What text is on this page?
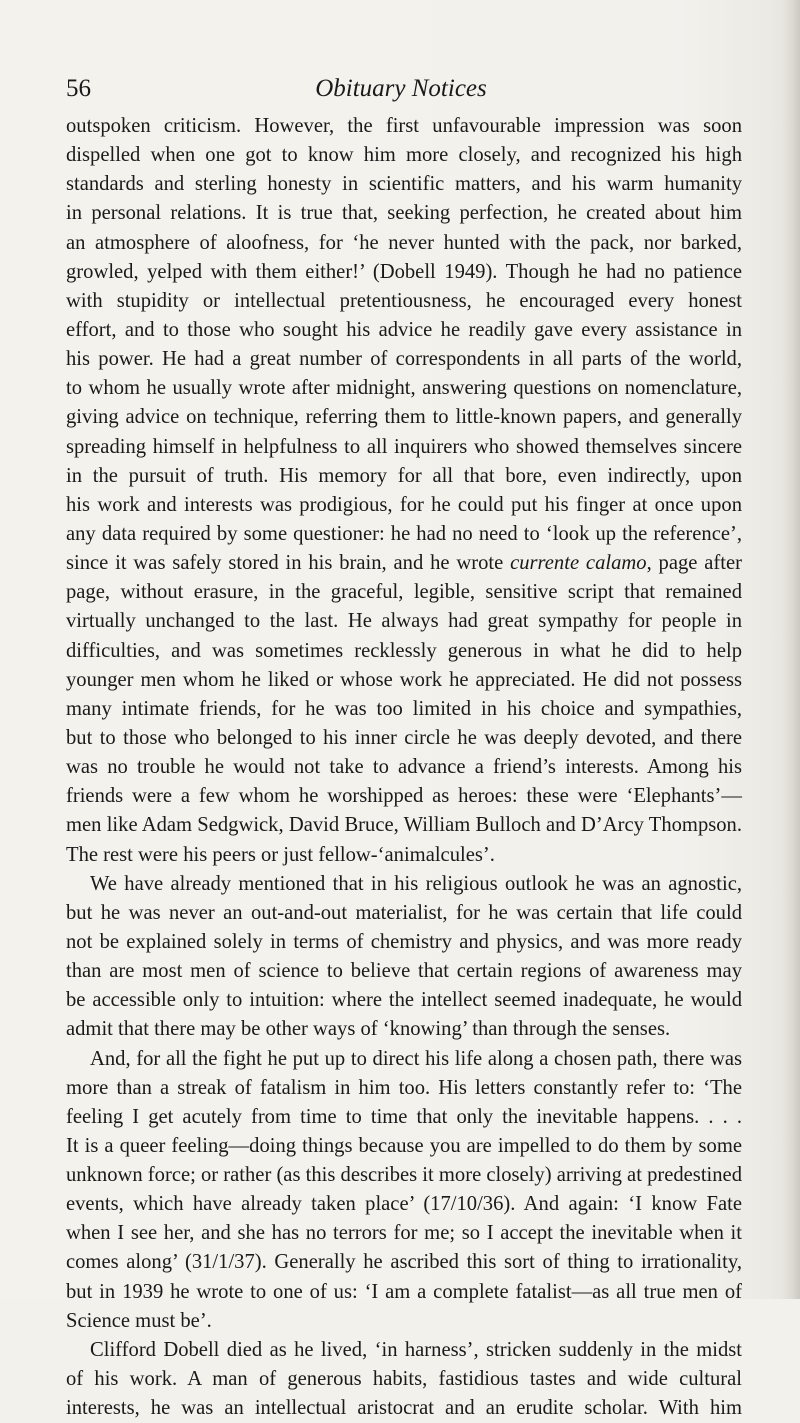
56	Obituary Notices
outspoken criticism. However, the first unfavourable impression was soon
dispelled when one got to know him more closely, and recognized his high
standards and sterling honesty in scientific matters, and his warm humanity
in personal relations. It is true that, seeking perfection, he created about him
an atmosphere of aloofness, for ‘he never hunted with the pack, nor barked,
growled, yelped with them either!’ (Dobell 1949). Though he had no patience
with stupidity or intellectual pretentiousness, he encouraged every honest
effort, and to those who sought his advice he readily gave every assistance in
his power. He had a great number of correspondents in all parts of the world,
to whom he usually wrote after midnight, answering questions on nomenclature,
giving advice on technique, referring them to little-known papers, and generally
spreading himself in helpfulness to all inquirers who showed themselves sincere
in the pursuit of truth. His memory for all that bore, even indirectly, upon
his work and interests was prodigious, for he could put his finger at once upon
any data required by some questioner: he had no need to ‘look up the reference’,
since it was safely stored in his brain, and he wrote currente calamo, page after
page, without erasure, in the graceful, legible, sensitive script that remained
virtually unchanged to the last. He always had great sympathy for people in
difficulties, and was sometimes recklessly generous in what he did to help
younger men whom he liked or whose work he appreciated. He did not possess
many intimate friends, for he was too limited in his choice and sympathies,
but to those who belonged to his inner circle he was deeply devoted, and there
was no trouble he would not take to advance a friend’s interests. Among his
friends were a few whom he worshipped as heroes: these were ‘Elephants’—
men like Adam Sedgwick, David Bruce, William Bulloch and D’Arcy Thompson.
The rest were his peers or just fellow-‘animalcules’.
We have already mentioned that in his religious outlook he was an agnostic,
but he was never an out-and-out materialist, for he was certain that life could
not be explained solely in terms of chemistry and physics, and was more ready
than are most men of science to believe that certain regions of awareness may
be accessible only to intuition: where the intellect seemed inadequate, he would
admit that there may be other ways of ‘knowing’ than through the senses.
And, for all the fight he put up to direct his life along a chosen path, there was
more than a streak of fatalism in him too. His letters constantly refer to: ‘The
feeling I get acutely from time to time that only the inevitable happens. . . .
It is a queer feeling—doing things because you are impelled to do them by some
unknown force; or rather (as this describes it more closely) arriving at predestined
events, which have already taken place’ (17/10/36). And again: ‘I know Fate
when I see her, and she has no terrors for me; so I accept the inevitable when it
comes along’ (31/1/37). Generally he ascribed this sort of thing to irrationality,
but in 1939 he wrote to one of us: ‘I am a complete fatalist—as all true men of
Science must be’.
Clifford Dobell died as he lived, ‘in harness’, stricken suddenly in the midst
of his work. A man of generous habits, fastidious tastes and wide cultural
interests, he was an intellectual aristocrat and an erudite scholar. With him
